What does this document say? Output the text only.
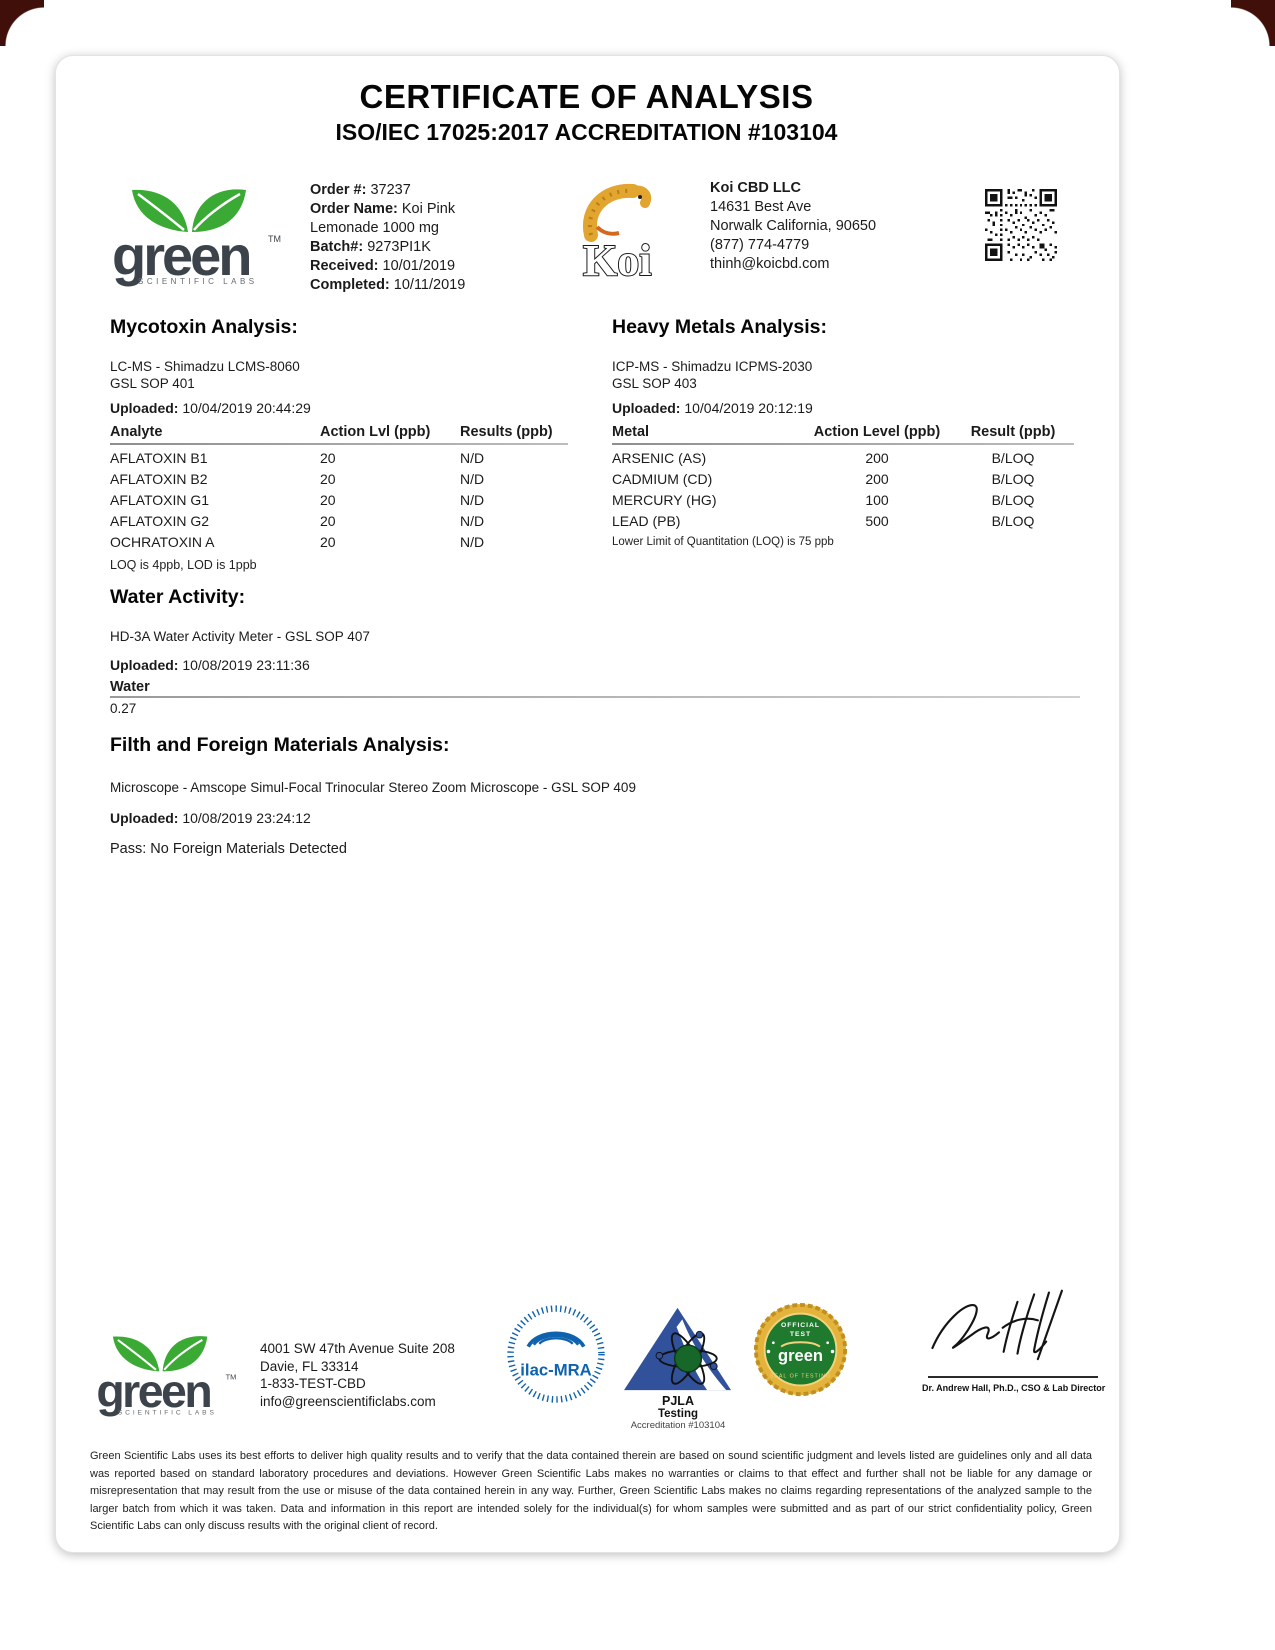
CERTIFICATE OF ANALYSIS
ISO/IEC 17025:2017 ACCREDITATION #103104
Order #: 37237
Order Name: Koi Pink Lemonade 1000 mg
Batch#: 9273PI1K
Received: 10/01/2019
Completed: 10/11/2019	Koi
Koi CBD LLC
14631 Best Ave
Norwalk California, 90650
(877) 774-4779
thinh@koicbd.com
Mycotoxin Analysis:
LC-MS - Shimadzu LCMS-8060
GSL SOP 401
Uploaded: 10/04/2019 20:44:29
Analyte	Action Lvl (ppb)	Results (ppb)
AFLATOXIN B1	20	N/D
AFLATOXIN B2	20	N/D
AFLATOXIN G1	20	N/D
AFLATOXIN G2	20	N/D
OCHRATOXIN A	20	N/D
LOQ is 4ppb, LOD is 1ppb
Heavy Metals Analysis:
ICP-MS - Shimadzu ICPMS-2030
GSL SOP 403
Uploaded: 10/04/2019 20:12:19
Metal	Action Level (ppb)	Result (ppb)
ARSENIC (AS)	200	B/LOQ
CADMIUM (CD)	200	B/LOQ
MERCURY (HG)	100	B/LOQ
LEAD (PB)	500	B/LOQ
Lower Limit of Quantitation (LOQ) is 75 ppb
Water Activity:
HD-3A Water Activity Meter - GSL SOP 407
Uploaded: 10/08/2019 23:11:36
Water
0.27
Filth and Foreign Materials Analysis:
Microscope - Amscope Simul-Focal Trinocular Stereo Zoom Microscope - GSL SOP 409
Uploaded: 10/08/2019 23:24:12
Pass: No Foreign Materials Detected
4001 SW 47th Avenue Suite 208
Davie, FL 33314
1-833-TEST-CBD
info@greenscientificlabs.com
ilac-MRA
PJLA
Testing
Accreditation #103104
OFFICIAL
TEST
green
SEAL OF TESTING
Dr. Andrew Hall, Ph.D., CSO & Lab Director
Green Scientific Labs uses its best efforts to deliver high quality results and to verify that the data contained therein are based on sound scientific judgment and levels listed are guidelines only and all data was reported based on standard laboratory procedures and deviations. However Green Scientific Labs makes no warranties or claims to that effect and further shall not be liable for any damage or misrepresentation that may result from the use or misuse of the data contained herein in any way. Further, Green Scientific Labs makes no claims regarding representations of the analyzed sample to the larger batch from which it was taken. Data and information in this report are intended solely for the individual(s) for whom samples were submitted and as part of our strict confidentiality policy, Green Scientific Labs can only discuss results with the original client of record.
